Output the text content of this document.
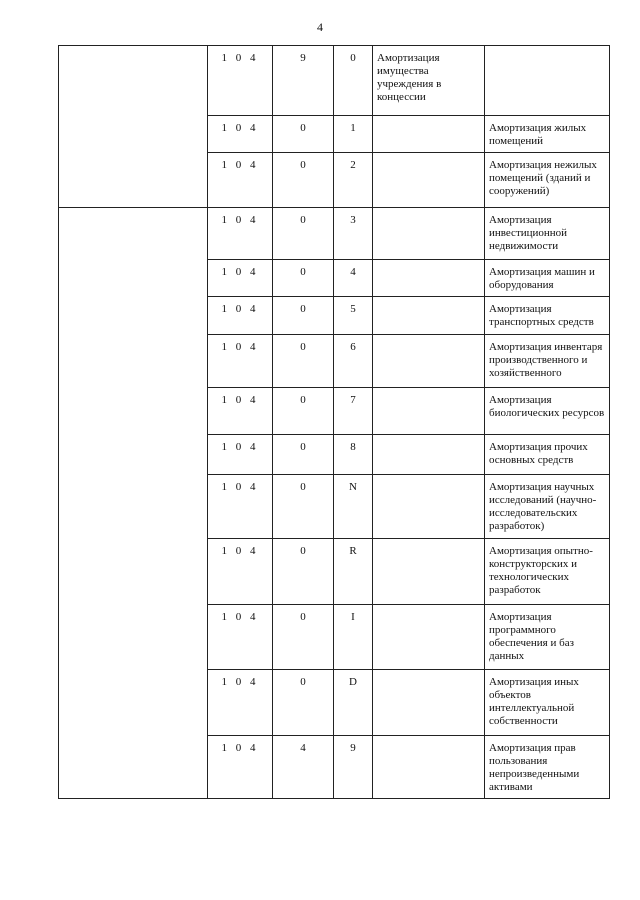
4
	1 0 4	9	0	Амортизация имущества учреждения в концессии	
	1 0 4	0	1		Амортизация жилых помещений
	1 0 4	0	2		Амортизация нежилых помещений (зданий и сооружений)
	1 0 4	0	3		Амортизация инвестиционной недвижимости
	1 0 4	0	4		Амортизация машин и оборудования
	1 0 4	0	5		Амортизация транспортных средств
	1 0 4	0	6		Амортизация инвентаря производственного и хозяйственного
	1 0 4	0	7		Амортизация биологических ресурсов
	1 0 4	0	8		Амортизация прочих основных средств
	1 0 4	0	N		Амортизация научных исследований (научно-исследовательских разработок)
	1 0 4	0	R		Амортизация опытно-конструкторских и технологических разработок
	1 0 4	0	I		Амортизация программного обеспечения и баз данных
	1 0 4	0	D		Амортизация иных объектов интеллектуальной собственности
	1 0 4	4	9		Амортизация прав пользования непроизведенными активами
